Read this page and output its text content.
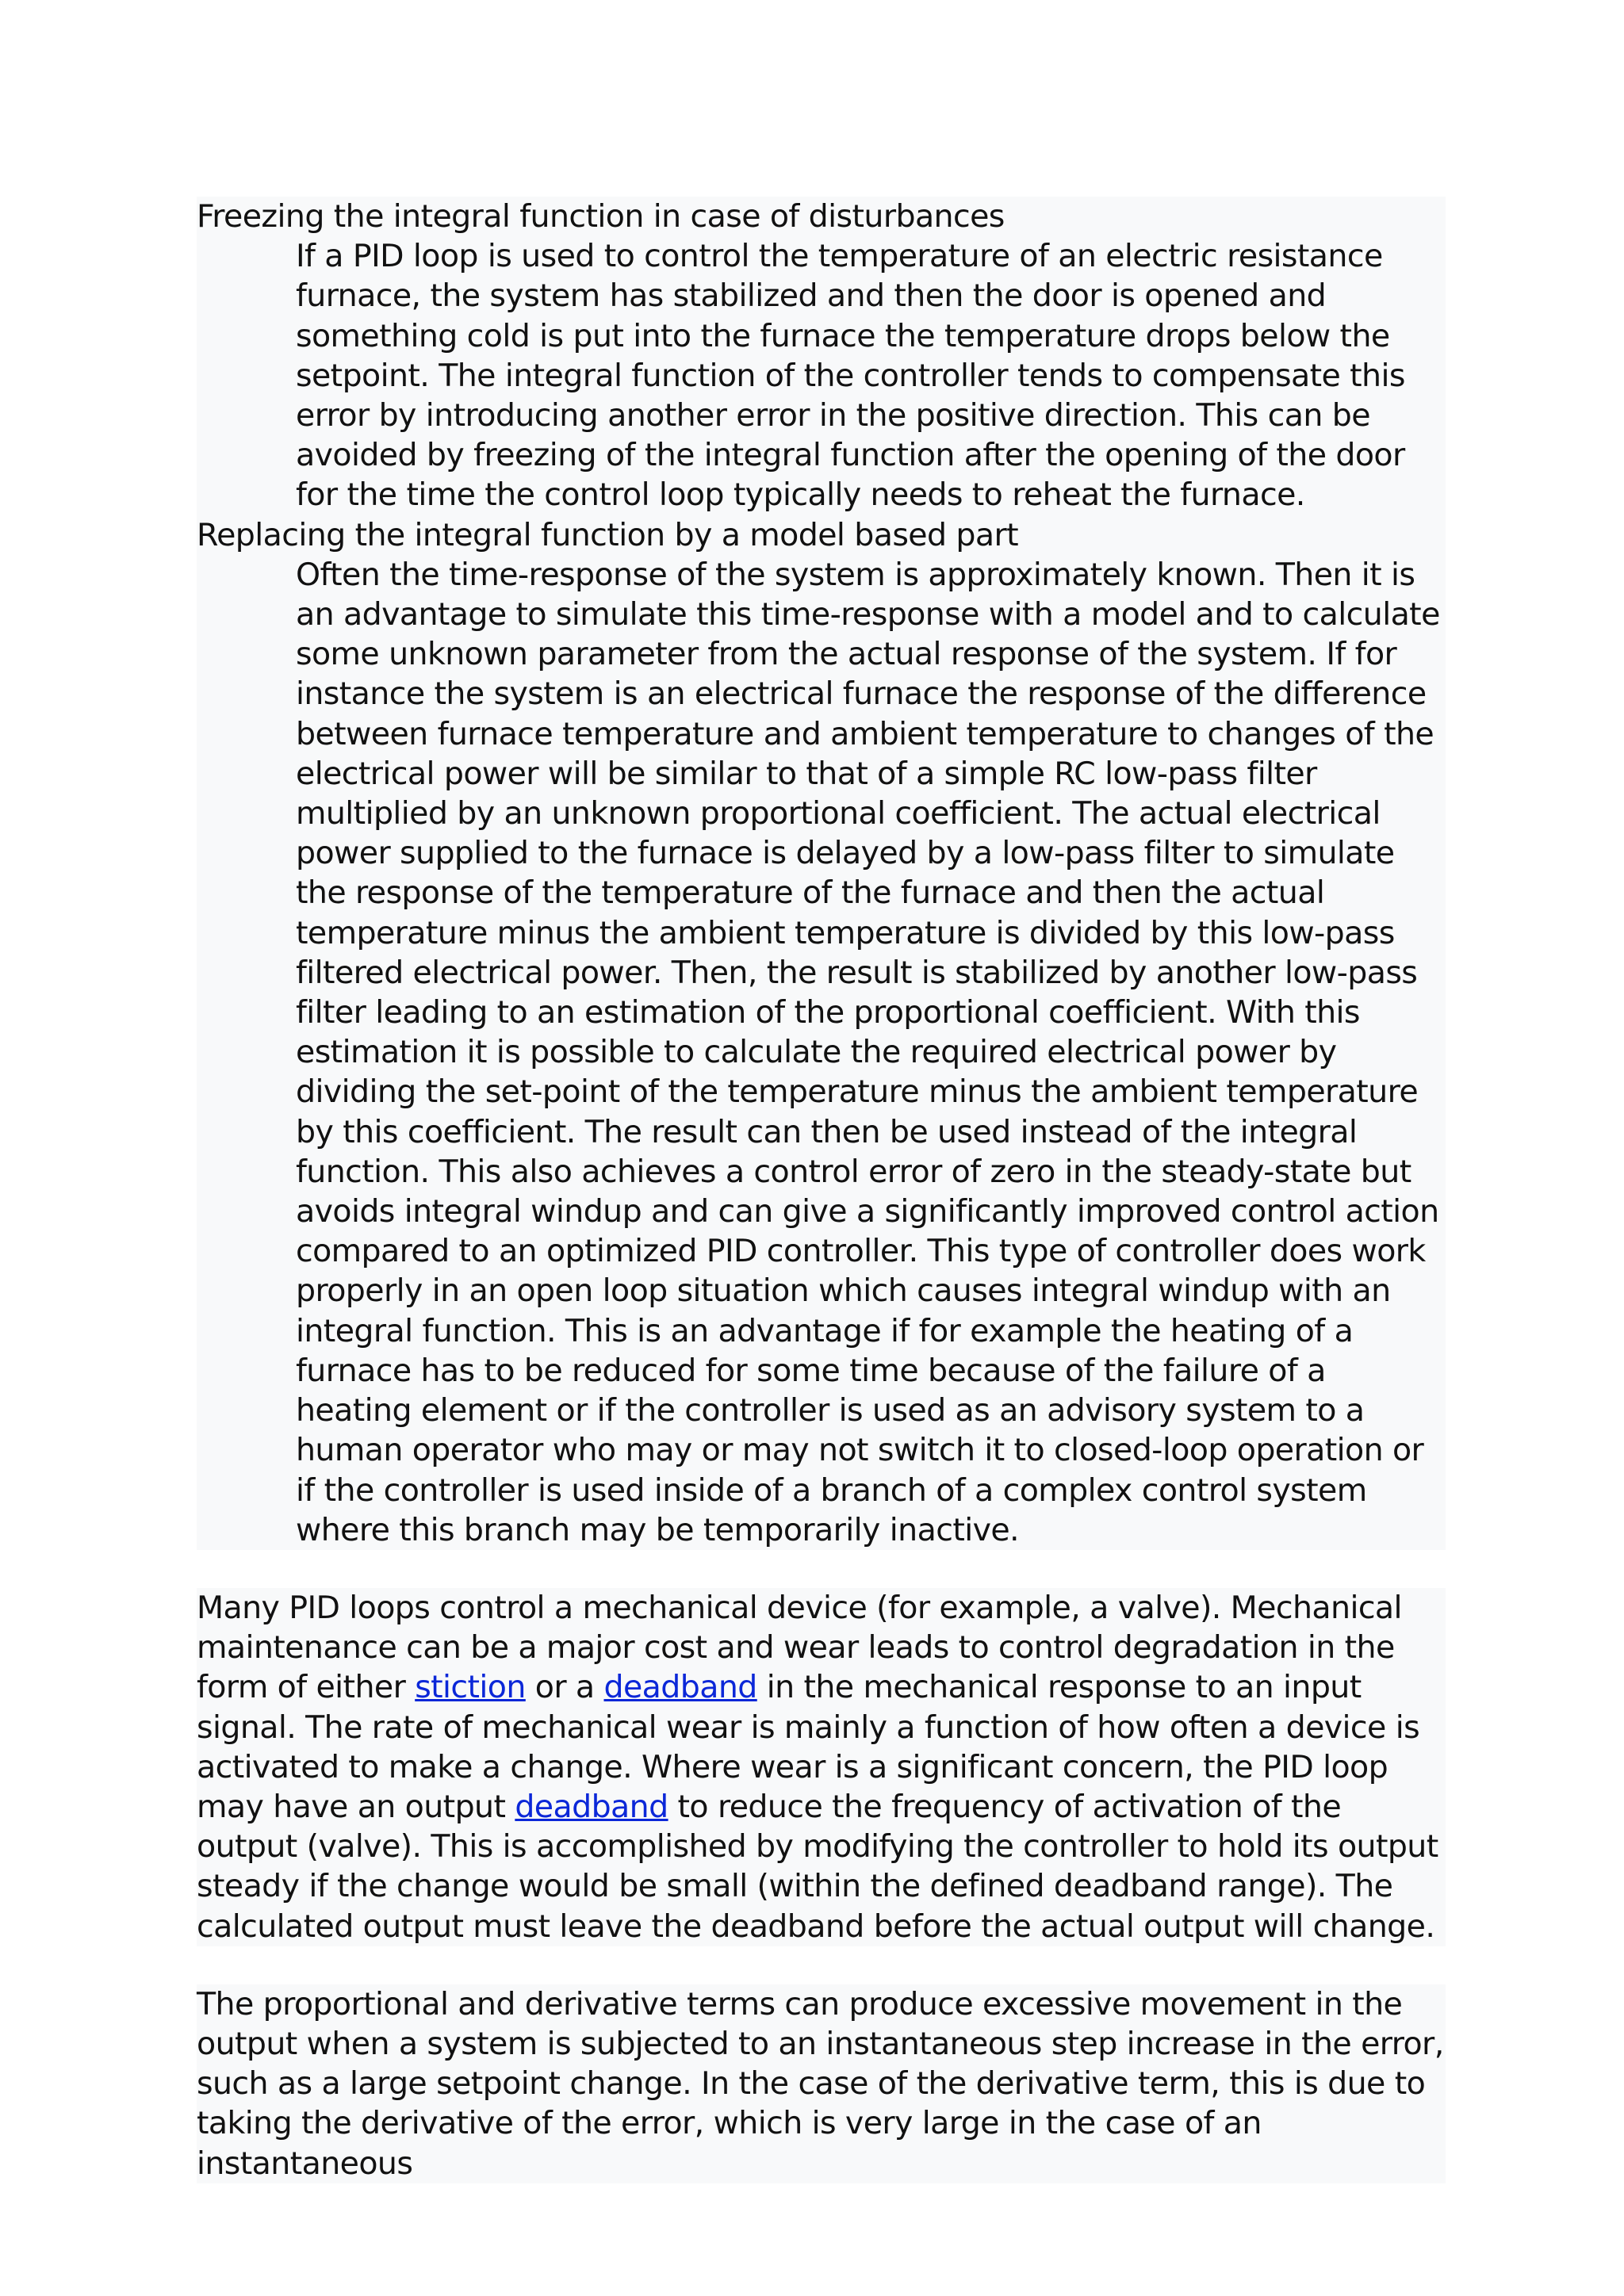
Freezing the integral function in case of disturbances
If a PID loop is used to control the temperature of an electric resistance furnace, the system has stabilized and then the door is opened and something cold is put into the furnace the temperature drops below the setpoint. The integral function of the controller tends to compensate this error by introducing another error in the positive direction. This can be avoided by freezing of the integral function after the opening of the door for the time the control loop typically needs to reheat the furnace.
Replacing the integral function by a model based part
Often the time-response of the system is approximately known. Then it is an advantage to simulate this time-response with a model and to calculate some unknown parameter from the actual response of the system. If for instance the system is an electrical furnace the response of the difference between furnace temperature and ambient temperature to changes of the electrical power will be similar to that of a simple RC low-pass filter multiplied by an unknown proportional coefficient. The actual electrical power supplied to the furnace is delayed by a low-pass filter to simulate the response of the temperature of the furnace and then the actual temperature minus the ambient temperature is divided by this low-pass filtered electrical power. Then, the result is stabilized by another low-pass filter leading to an estimation of the proportional coefficient. With this estimation it is possible to calculate the required electrical power by dividing the set-point of the temperature minus the ambient temperature by this coefficient. The result can then be used instead of the integral function. This also achieves a control error of zero in the steady-state but avoids integral windup and can give a significantly improved control action compared to an optimized PID controller. This type of controller does work properly in an open loop situation which causes integral windup with an integral function. This is an advantage if for example the heating of a furnace has to be reduced for some time because of the failure of a heating element or if the controller is used as an advisory system to a human operator who may or may not switch it to closed-loop operation or if the controller is used inside of a branch of a complex control system where this branch may be temporarily inactive.

Many PID loops control a mechanical device (for example, a valve). Mechanical maintenance can be a major cost and wear leads to control degradation in the form of either stiction or a deadband in the mechanical response to an input signal. The rate of mechanical wear is mainly a function of how often a device is activated to make a change. Where wear is a significant concern, the PID loop may have an output deadband to reduce the frequency of activation of the output (valve). This is accomplished by modifying the controller to hold its output steady if the change would be small (within the defined deadband range). The calculated output must leave the deadband before the actual output will change.

The proportional and derivative terms can produce excessive movement in the output when a system is subjected to an instantaneous step increase in the error, such as a large setpoint change. In the case of the derivative term, this is due to taking the derivative of the error, which is very large in the case of an instantaneous
